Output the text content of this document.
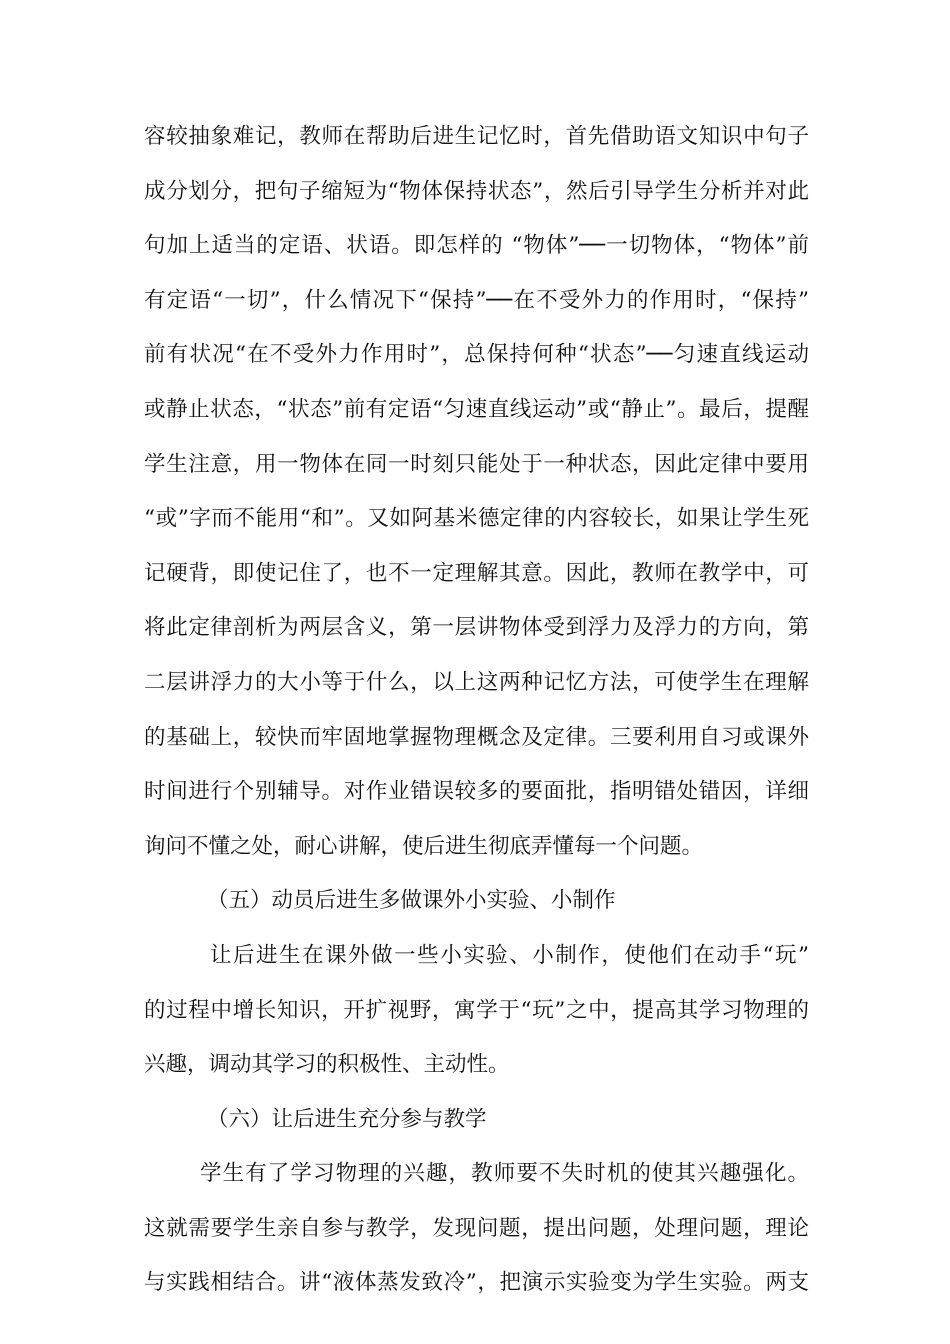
容较抽象难记，教师在帮助后进生记忆时，首先借助语文知识中句子
成分划分，把句子缩短为“物体保持状态”，然后引导学生分析并对此
句加上适当的定语、状语。即怎样的 “物体”──一切物体，“物体”前
有定语“一切”，什么情况下“保持”──在不受外力的作用时，“保持”
前有状况“在不受外力作用时”，总保持何种“状态”──匀速直线运动
或静止状态，“状态”前有定语“匀速直线运动”或“静止”。最后，提醒
学生注意，用一物体在同一时刻只能处于一种状态，因此定律中要用
“或”字而不能用“和”。又如阿基米德定律的内容较长，如果让学生死
记硬背，即使记住了，也不一定理解其意。因此，教师在教学中，可
将此定律剖析为两层含义，第一层讲物体受到浮力及浮力的方向，第
二层讲浮力的大小等于什么，以上这两种记忆方法，可使学生在理解
的基础上，较快而牢固地掌握物理概念及定律。三要利用自习或课外
时间进行个别辅导。对作业错误较多的要面批，指明错处错因，详细
询问不懂之处，耐心讲解，使后进生彻底弄懂每一个问题。
（五）动员后进生多做课外小实验、小制作
让后进生在课外做一些小实验、小制作，使他们在动手“玩”
的过程中增长知识，开扩视野，寓学于“玩”之中，提高其学习物理的
兴趣，调动其学习的积极性、主动性。
（六）让后进生充分参与教学
学生有了学习物理的兴趣，教师要不失时机的使其兴趣强化。
这就需要学生亲自参与教学，发现问题，提出问题，处理问题，理论
与实践相结合。讲“液体蒸发致冷”，把演示实验变为学生实验。两支
